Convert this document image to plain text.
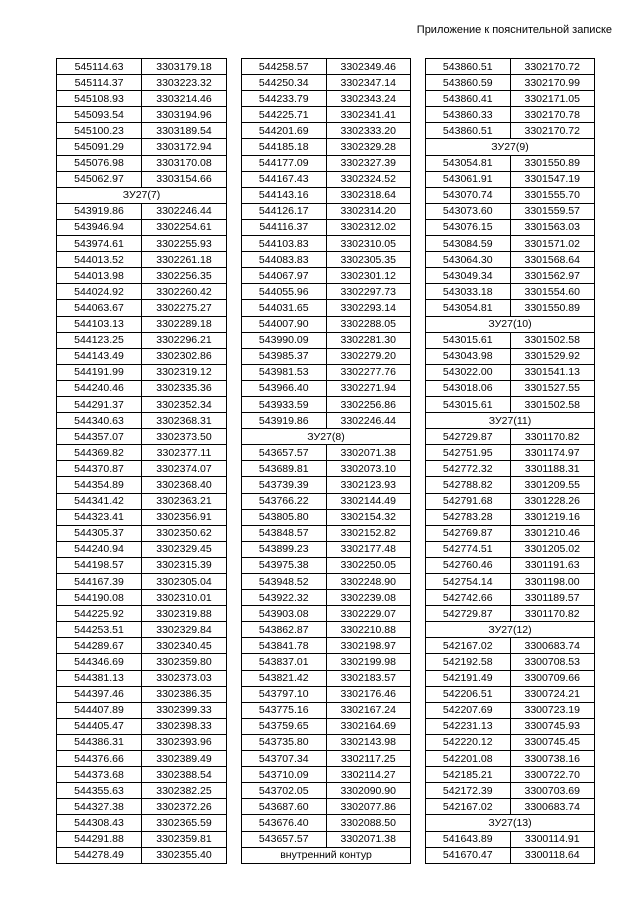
Приложение к пояснительной записке
545114.63	3303179.18
545114.37	3303223.32
545108.93	3303214.46
545093.54	3303194.96
545100.23	3303189.54
545091.29	3303172.94
545076.98	3303170.08
545062.97	3303154.66
ЗУ27(7)	
543919.86	3302246.44
543946.94	3302254.61
543974.61	3302255.93
544013.52	3302261.18
544013.98	3302256.35
544024.92	3302260.42
544063.67	3302275.27
544103.13	3302289.18
544123.25	3302296.21
544143.49	3302302.86
544191.99	3302319.12
544240.46	3302335.36
544291.37	3302352.34
544340.63	3302368.31
544357.07	3302373.50
544369.82	3302377.11
544370.87	3302374.07
544354.89	3302368.40
544341.42	3302363.21
544323.41	3302356.91
544305.37	3302350.62
544240.94	3302329.45
544198.57	3302315.39
544167.39	3302305.04
544190.08	3302310.01
544225.92	3302319.88
544253.51	3302329.84
544289.67	3302340.45
544346.69	3302359.80
544381.13	3302373.03
544397.46	3302386.35
544407.89	3302399.33
544405.47	3302398.33
544386.31	3302393.96
544376.66	3302389.49
544373.68	3302388.54
544355.63	3302382.25
544327.38	3302372.26
544308.43	3302365.59
544291.88	3302359.81
544278.49	3302355.40
544258.57	3302349.46
544250.34	3302347.14
544233.79	3302343.24
544225.71	3302341.41
544201.69	3302333.20
544185.18	3302329.28
544177.09	3302327.39
544167.43	3302324.52
544143.16	3302318.64
544126.17	3302314.20
544116.37	3302312.02
544103.83	3302310.05
544083.83	3302305.35
544067.97	3302301.12
544055.96	3302297.73
544031.65	3302293.14
544007.90	3302288.05
543990.09	3302281.30
543985.37	3302279.20
543981.53	3302277.76
543966.40	3302271.94
543933.59	3302256.86
543919.86	3302246.44
ЗУ27(8)	
543657.57	3302071.38
543689.81	3302073.10
543739.39	3302123.93
543766.22	3302144.49
543805.80	3302154.32
543848.57	3302152.82
543899.23	3302177.48
543975.38	3302250.05
543948.52	3302248.90
543922.32	3302239.08
543903.08	3302229.07
543862.87	3302210.88
543841.78	3302198.97
543837.01	3302199.98
543821.42	3302183.57
543797.10	3302176.46
543775.16	3302167.24
543759.65	3302164.69
543735.80	3302143.98
543707.34	3302117.25
543710.09	3302114.27
543702.05	3302090.90
543687.60	3302077.86
543676.40	3302088.50
543657.57	3302071.38
внутренний контур	
543860.51	3302170.72
543860.59	3302170.99
543860.41	3302171.05
543860.33	3302170.78
543860.51	3302170.72
ЗУ27(9)	
543054.81	3301550.89
543061.91	3301547.19
543070.74	3301555.70
543073.60	3301559.57
543076.15	3301563.03
543084.59	3301571.02
543064.30	3301568.64
543049.34	3301562.97
543033.18	3301554.60
543054.81	3301550.89
ЗУ27(10)	
543015.61	3301502.58
543043.98	3301529.92
543022.00	3301541.13
543018.06	3301527.55
543015.61	3301502.58
ЗУ27(11)	
542729.87	3301170.82
542751.95	3301174.97
542772.32	3301188.31
542788.82	3301209.55
542791.68	3301228.26
542783.28	3301219.16
542769.87	3301210.46
542774.51	3301205.02
542760.46	3301191.63
542754.14	3301198.00
542742.66	3301189.57
542729.87	3301170.82
ЗУ27(12)	
542167.02	3300683.74
542192.58	3300708.53
542191.49	3300709.66
542206.51	3300724.21
542207.69	3300723.19
542231.13	3300745.93
542220.12	3300745.45
542201.08	3300738.16
542185.21	3300722.70
542172.39	3300703.69
542167.02	3300683.74
ЗУ27(13)	
541643.89	3300114.91
541670.47	3300118.64
